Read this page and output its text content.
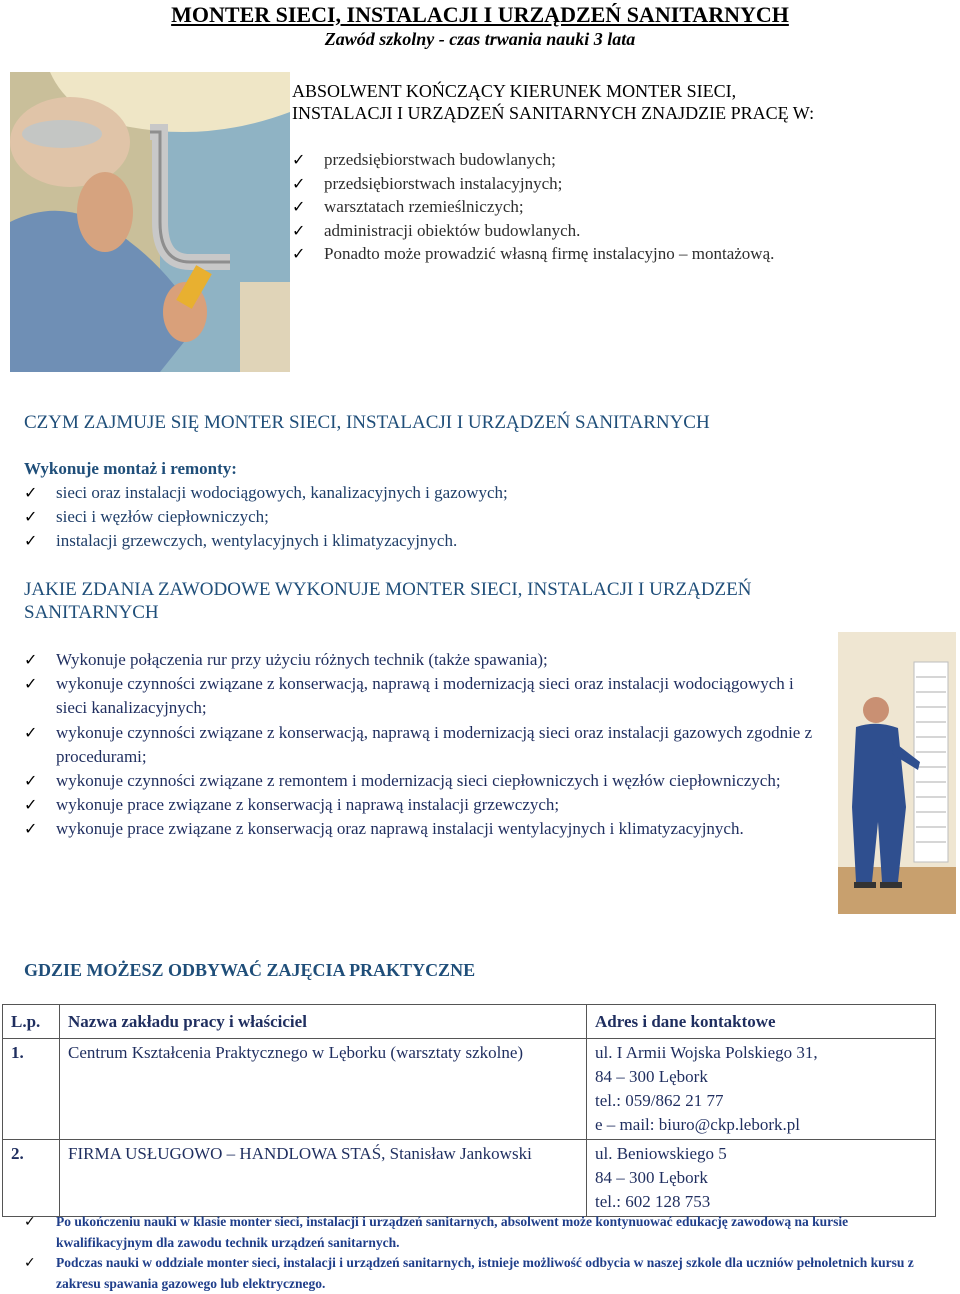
MONTER SIECI, INSTALACJI I URZĄDZEŃ SANITARNYCH
Zawód szkolny - czas trwania nauki 3 lata
ABSOLWENT KOŃCZĄCY KIERUNEK MONTER SIECI,
INSTALACJI I URZĄDZEŃ SANITARNYCH ZNAJDZIE PRACĘ W:
✓ przedsiębiorstwach budowlanych;
✓ przedsiębiorstwach instalacyjnych;
✓ warsztatach rzemieślniczych;
✓ administracji obiektów budowlanych.
✓ Ponadto może prowadzić własną firmę instalacyjno – montażową.
CZYM ZAJMUJE SIĘ MONTER SIECI, INSTALACJI I URZĄDZEŃ SANITARNYCH
Wykonuje montaż i remonty:
✓ sieci oraz instalacji wodociągowych, kanalizacyjnych i gazowych;
✓ sieci i węzłów ciepłowniczych;
✓ instalacji grzewczych, wentylacyjnych i klimatyzacyjnych.
JAKIE ZDANIA ZAWODOWE WYKONUJE MONTER SIECI, INSTALACJI I URZĄDZEŃ
SANITARNYCH
✓ Wykonuje połączenia rur przy użyciu różnych technik (także spawania);
✓ wykonuje czynności związane z konserwacją, naprawą i modernizacją sieci oraz instalacji wodociągowych i sieci kanalizacyjnych;
✓ wykonuje czynności związane z konserwacją, naprawą i modernizacją sieci oraz instalacji gazowych zgodnie z procedurami;
✓ wykonuje czynności związane z remontem i modernizacją sieci ciepłowniczych i węzłów ciepłowniczych;
✓ wykonuje prace związane z konserwacją i naprawą instalacji grzewczych;
✓ wykonuje prace związane z konserwacją oraz naprawą instalacji wentylacyjnych i klimatyzacyjnych.
GDZIE MOŻESZ ODBYWAĆ ZAJĘCIA PRAKTYCZNE
L.p.	Nazwa zakładu pracy i właściciel	Adres i dane kontaktowe
1.	Centrum Kształcenia Praktycznego w Lęborku (warsztaty szkolne)	ul. I Armii Wojska Polskiego 31,
84 – 300 Lębork
tel.: 059/862 21 77
e – mail: biuro@ckp.lebork.pl

2.	FIRMA USŁUGOWO – HANDLOWA STAŚ, Stanisław Jankowski	ul. Beniowskiego 5
84 – 300 Lębork
tel.: 602 128 753
✓ Po ukończeniu nauki w klasie monter sieci, instalacji i urządzeń sanitarnych, absolwent może kontynuować edukację zawodową na kursie kwalifikacyjnym dla zawodu technik urządzeń sanitarnych.
✓ Podczas nauki w oddziale monter sieci, instalacji i urządzeń sanitarnych, istnieje możliwość odbycia w naszej szkole dla uczniów pełnoletnich kursu z zakresu spawania gazowego lub elektrycznego.
